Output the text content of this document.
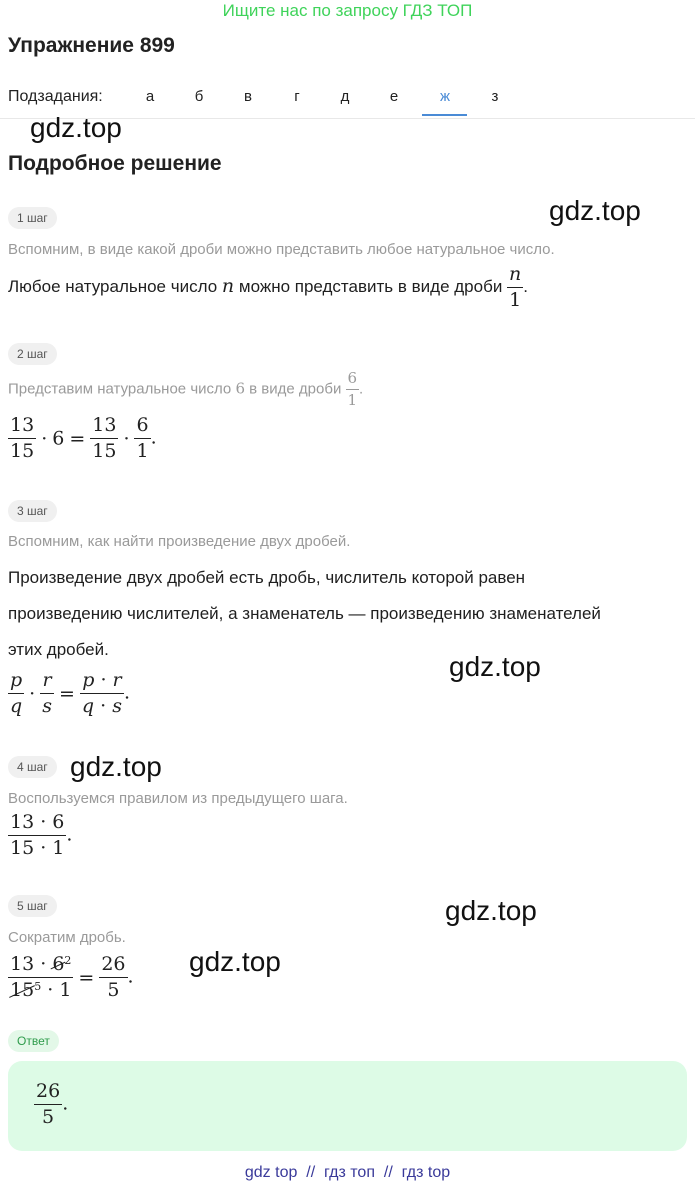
Ищите нас по запросу ГДЗ ТОП
Упражнение 899
Подзадания:	а	б	в	г	д	е	ж	з
gdz.top
gdz.top
gdz.top
gdz.top
gdz.top
gdz.top
Подробное решение
1 шаг
Вспомним, в виде какой дроби можно представить любое натуральное число.
Любое натуральное число n можно представить в виде дроби $\frac{n}{1}$ .
2 шаг
Представим натуральное число 6 в виде дроби $\frac{6}{1}$ .
$\frac{13}{15} \cdot 6 = \frac{13}{15} \cdot \frac{6}{1}$ .
3 шаг
Вспомним, как найти произведение двух дробей.
Произведение двух дробей есть дробь, числитель которой равен
произведению числителей, а знаменатель — произведению знаменателей
этих дробей.
$\frac{p}{q} \cdot \frac{r}{s} = \frac{p \cdot r}{q \cdot s}$ .
4 шаг
Воспользуемся правилом из предыдущего шага.
$\frac{13 \cdot 6}{15 \cdot 1}$ .
5 шаг
Сократим дробь.
$\frac{13 \cdot 6^2}{15^5 \cdot 1} = \frac{26}{5}$ .
Ответ
$\frac{26}{5}$ .
gdz top  //  гдз топ  //  гдз top
